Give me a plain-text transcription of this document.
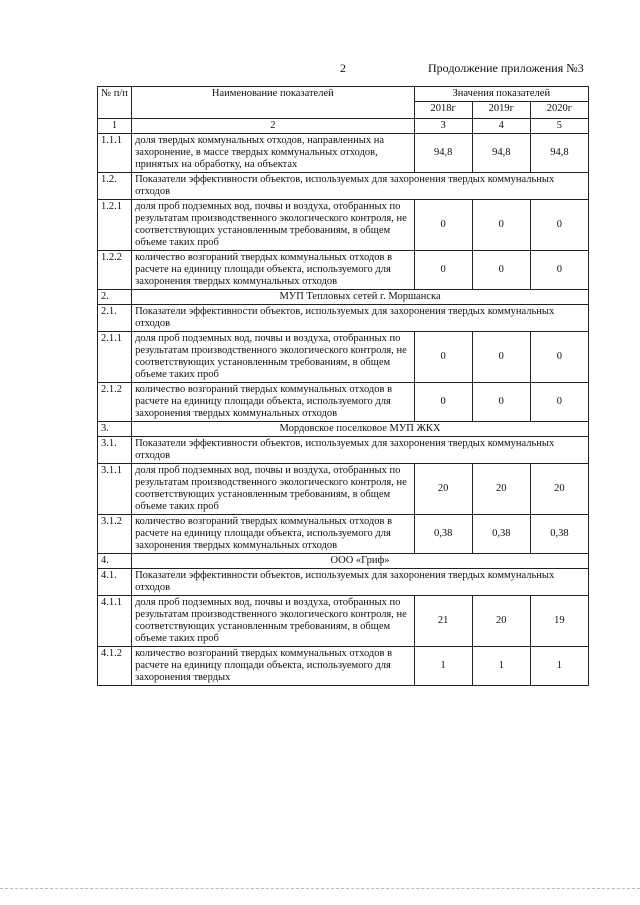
2	Продолжение приложения №3
№ п/п	Наименование показателей	Значения показателей		
		2018г	2019г	2020г
1	2	3	4	5
1.1.1	доля твердых коммунальных отходов, направленных на захоронение, в массе твердых коммунальных отходов, принятых на обработку, на объектах	94,8	94,8	94,8
1.2.	Показатели эффективности объектов, используемых для захоронения твердых коммунальных отходов			
1.2.1	доля проб подземных вод, почвы и воздуха, отобранных по результатам производственного экологического контроля, не соответствующих установленным требованиям, в общем объеме таких проб	0	0	0
1.2.2	количество возгораний твердых коммунальных отходов в расчете на единицу площади объекта, используемого для захоронения твердых коммунальных отходов	0	0	0
2.	МУП Тепловых сетей г. Моршанска			
2.1.	Показатели эффективности объектов, используемых для захоронения твердых коммунальных отходов			
2.1.1	доля проб подземных вод, почвы и воздуха, отобранных по результатам производственного экологического контроля, не соответствующих установленным требованиям, в общем объеме таких проб	0	0	0
2.1.2	количество возгораний твердых коммунальных отходов в расчете на единицу площади объекта, используемого для захоронения твердых коммунальных отходов	0	0	0
3.	Мордовское поселковое МУП ЖКХ			
3.1.	Показатели эффективности объектов, используемых для захоронения твердых коммунальных отходов			
3.1.1	доля проб подземных вод, почвы и воздуха, отобранных по результатам производственного экологического контроля, не соответствующих установленным требованиям, в общем объеме таких проб	20	20	20
3.1.2	количество возгораний твердых коммунальных отходов в расчете на единицу площади объекта, используемого для захоронения твердых коммунальных отходов	0,38	0,38	0,38
4.	ООО «Гриф»			
4.1.	Показатели эффективности объектов, используемых для захоронения твердых коммунальных отходов			
4.1.1	доля проб подземных вод, почвы и воздуха, отобранных по результатам производственного экологического контроля, не соответствующих установленным требованиям, в общем объеме таких проб	21	20	19
4.1.2	количество возгораний твердых коммунальных отходов в расчете на единицу площади объекта, используемого для захоронения твердых	1	1	1
